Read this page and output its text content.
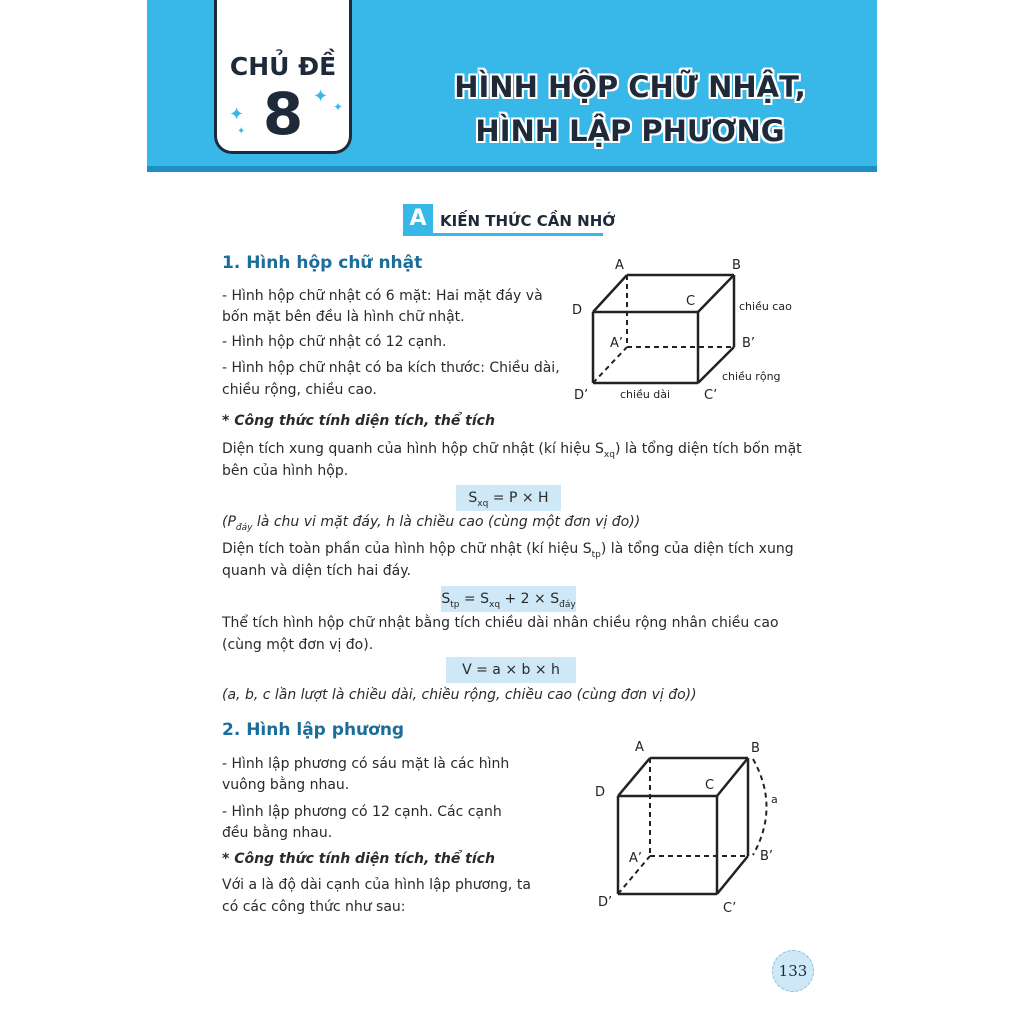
CHỦ ĐỀ
8
✦
✦ ✦
✦
HÌNH HỘP CHỮ NHẬT,
HÌNH LẬP PHƯƠNG
A KIẾN THỨC CẦN NHỚ
1. Hình hộp chữ nhật
- Hình hộp chữ nhật có 6 mặt: Hai mặt đáy và
bốn mặt bên đều là hình chữ nhật.
- Hình hộp chữ nhật có 12 cạnh.
- Hình hộp chữ nhật có ba kích thước: Chiều dài,
chiều rộng, chiều cao.
A	B
C
D
A’	B’
C’
D’
chiều cao
chiều rộng
chiều dài
* Công thức tính diện tích, thể tích
Diện tích xung quanh của hình hộp chữ nhật (kí hiệu $S_{xq}$) là tổng diện tích bốn mặt
bên của hình hộp.
$S_{xq} = P \times H$
($P_{đáy}$ là chu vi mặt đáy, h là chiều cao (cùng một đơn vị đo))
Diện tích toàn phần của hình hộp chữ nhật (kí hiệu $S_{tp}$) là tổng của diện tích xung
quanh và diện tích hai đáy.
$S_{tp} = S_{xq} + 2 \times S_{đáy}$
Thể tích hình hộp chữ nhật bằng tích chiều dài nhân chiều rộng nhân chiều cao
(cùng một đơn vị đo).
V = a × b × h
(a, b, c lần lượt là chiều dài, chiều rộng, chiều cao (cùng đơn vị đo))
2. Hình lập phương
- Hình lập phương có sáu mặt là các hình
vuông bằng nhau.
- Hình lập phương có 12 cạnh. Các cạnh
đều bằng nhau.
* Công thức tính diện tích, thể tích
Với a là độ dài cạnh của hình lập phương, ta
có các công thức như sau:
A	B
C
D
A’	B’
C’
D’
a
133
